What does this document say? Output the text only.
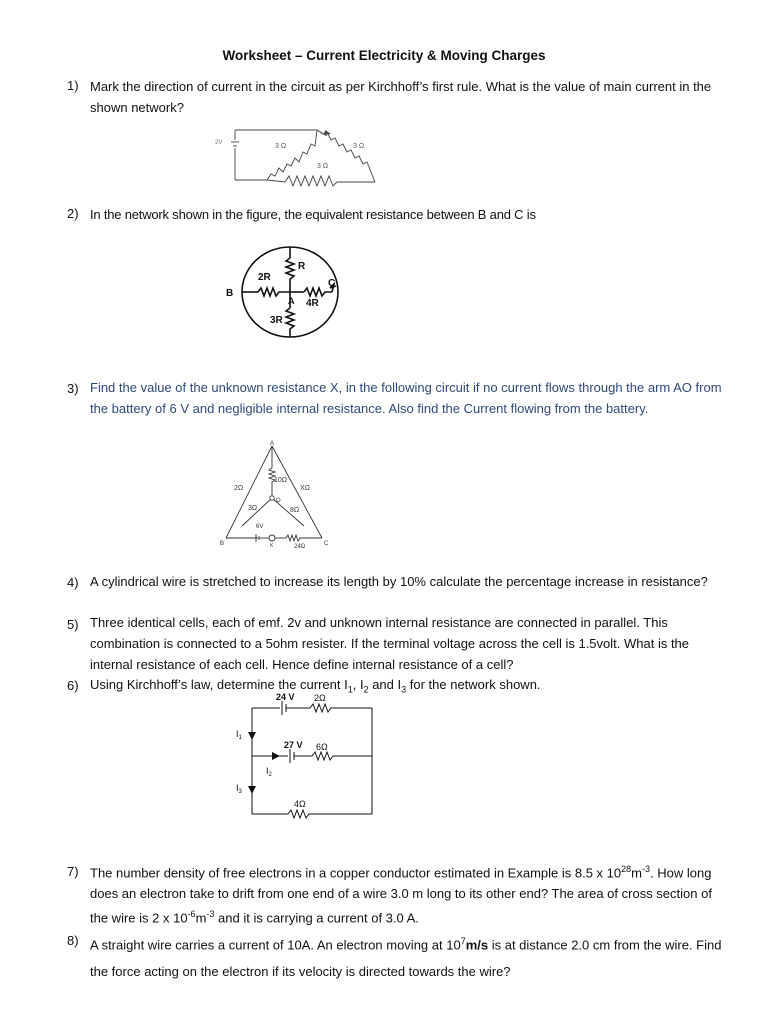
Worksheet – Current Electricity & Moving Charges
1) Mark the direction of current in the circuit as per Kirchhoff’s first rule. What is the value of main current in the shown network?
2V	3 Ω	3 Ω
3 Ω
2) In the network shown in the figure, the equivalent resistance between B and C is
B
C
A
2R
R
4R
3R
3) Find the value of the unknown resistance X, in the following circuit if no current flows through the arm AO from the battery of 6 V and negligible internal resistance. Also find the Current flowing from the battery.
A
B	C
O
K
2Ω
10Ω
XΩ
3Ω	8Ω
24Ω
6V
4) A cylindrical wire is stretched to increase its length by 10% calculate the percentage increase in resistance?
5) Three identical cells, each of emf. 2v and unknown internal resistance are connected in parallel. This combination is connected to a 5ohm resister. If the terminal voltage across the cell is 1.5volt. What is the internal resistance of each cell. Hence define internal resistance of a cell?
6) Using Kirchhoff’s law, determine the current $I_1$, $I_2$ and $I_3$ for the network shown.
24 V 2Ω
27 V 6Ω
4Ω
$I_1$
$I_2$
$I_3$
7) The number density of free electrons in a copper conductor estimated in Example is 8.5 x $10^{28}m^{-3}$. How long does an electron take to drift from one end of a wire 3.0 m long to its other end? The area of cross section of the wire is 2 x $10^{-6}m^{-3}$ and it is carrying a current of 3.0 A.
8) A straight wire carries a current of 10A. An electron moving at $10^7m/s$ is at distance 2.0 cm from the wire. Find the force acting on the electron if its velocity is directed towards the wire?
